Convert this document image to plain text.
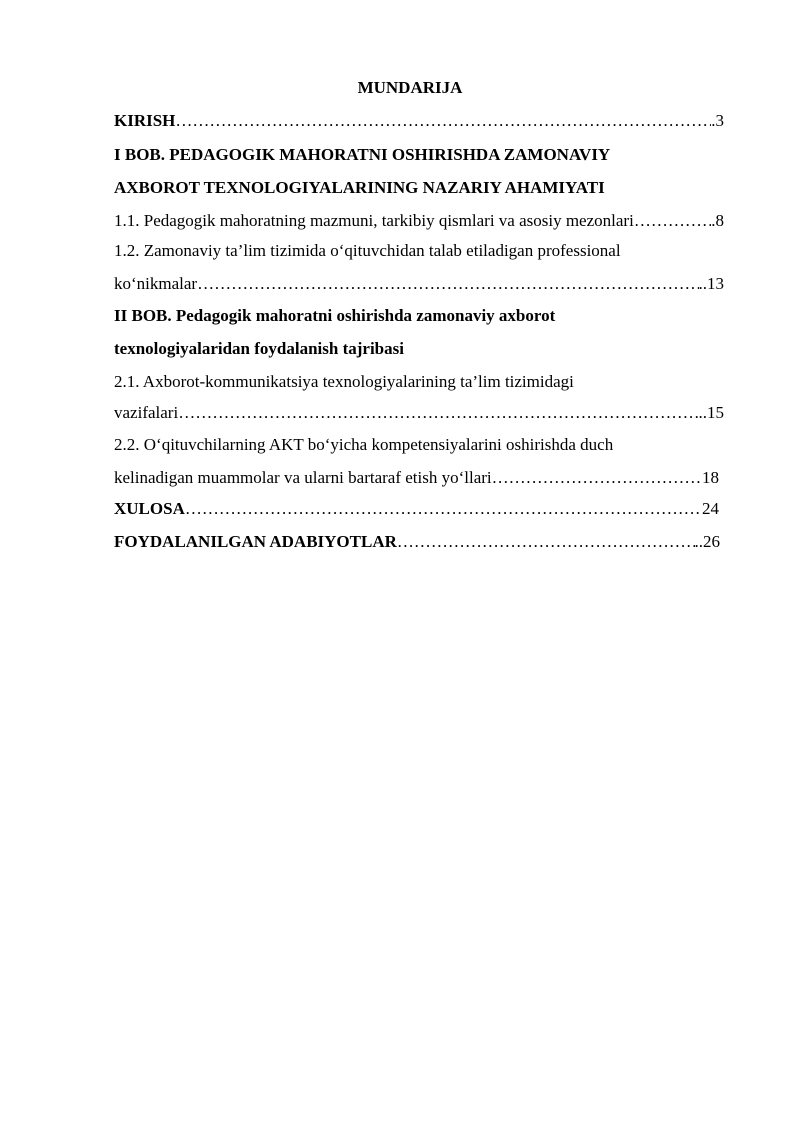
MUNDARIJA
KIRISH ……………………………………………………………………………………………………………………………………………………………………………………	.3
I BOB. PEDAGOGIK MAHORATNI OSHIRISHDA ZAMONAVIY
AXBOROT TEXNOLOGIYALARINING NAZARIY AHAMIYATI
1.1. Pedagogik mahoratning mazmuni, tarkibiy qismlari va asosiy mezonlari ……………………………………………………………………………………………………………………………………………………………………………………	.8
1.2. Zamonaviy ta’lim tizimida o‘qituvchidan talab etiladigan professional
ko‘nikmalar ……………………………………………………………………………………………………………………………………………………………………………………	..13
II BOB. Pedagogik mahoratni oshirishda zamonaviy axborot
texnologiyalaridan foydalanish tajribasi
2.1. Axborot-kommunikatsiya texnologiyalarining ta’lim tizimidagi
vazifalari ……………………………………………………………………………………………………………………………………………………………………………………	..15
2.2. O‘qituvchilarning AKT bo‘yicha kompetensiyalarini oshirishda duch
kelinadigan muammolar va ularni bartaraf etish yo‘llari ……………………………………………………………………………………………………………………………………………………………………………………	18
XULOSA ……………………………………………………………………………………………………………………………………………………………………………………	24
FOYDALANILGAN ADABIYOTLAR ……………………………………………………………………………………………………………………………………………………………………………………	..26
